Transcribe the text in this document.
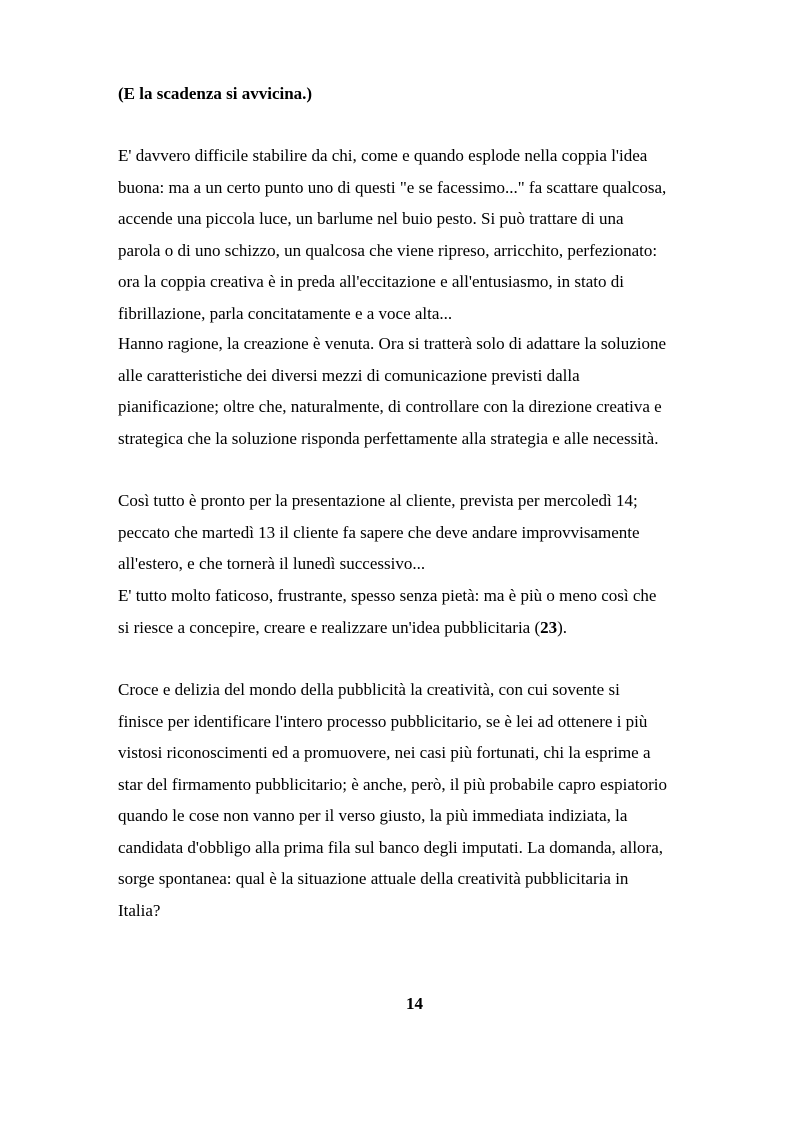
(E la scadenza si avvicina.)
E' davvero difficile stabilire da chi, come e quando esplode nella coppia l'idea
buona: ma a un certo punto uno di questi "e se facessimo..." fa scattare qualcosa,
accende una piccola luce, un barlume nel buio pesto. Si può trattare di una
parola o di uno schizzo, un qualcosa che viene ripreso, arricchito, perfezionato:
ora la coppia creativa è in preda all'eccitazione e all'entusiasmo, in stato di
fibrillazione, parla concitatamente e a voce alta...
Hanno ragione, la creazione è venuta. Ora si tratterà solo di adattare la soluzione
alle caratteristiche dei diversi mezzi di comunicazione previsti dalla
pianificazione; oltre che, naturalmente, di controllare con la direzione creativa e
strategica che la soluzione risponda perfettamente alla strategia e alle necessità.
Così tutto è pronto per la presentazione al cliente, prevista per mercoledì 14;
peccato che martedì 13 il cliente fa sapere che deve andare improvvisamente
all'estero, e che tornerà il lunedì successivo...
E' tutto molto faticoso, frustrante, spesso senza pietà: ma è più o meno così che
si riesce a concepire, creare e realizzare un'idea pubblicitaria (23).
Croce e delizia del mondo della pubblicità la creatività, con cui sovente si
finisce per identificare l'intero processo pubblicitario, se è lei ad ottenere i più
vistosi riconoscimenti ed a promuovere, nei casi più fortunati, chi la esprime a
star del firmamento pubblicitario; è anche, però, il più probabile capro espiatorio
quando le cose non vanno per il verso giusto, la più immediata indiziata, la
candidata d'obbligo alla prima fila sul banco degli imputati. La domanda, allora,
sorge spontanea: qual è la situazione attuale della creatività pubblicitaria in
Italia?
14
